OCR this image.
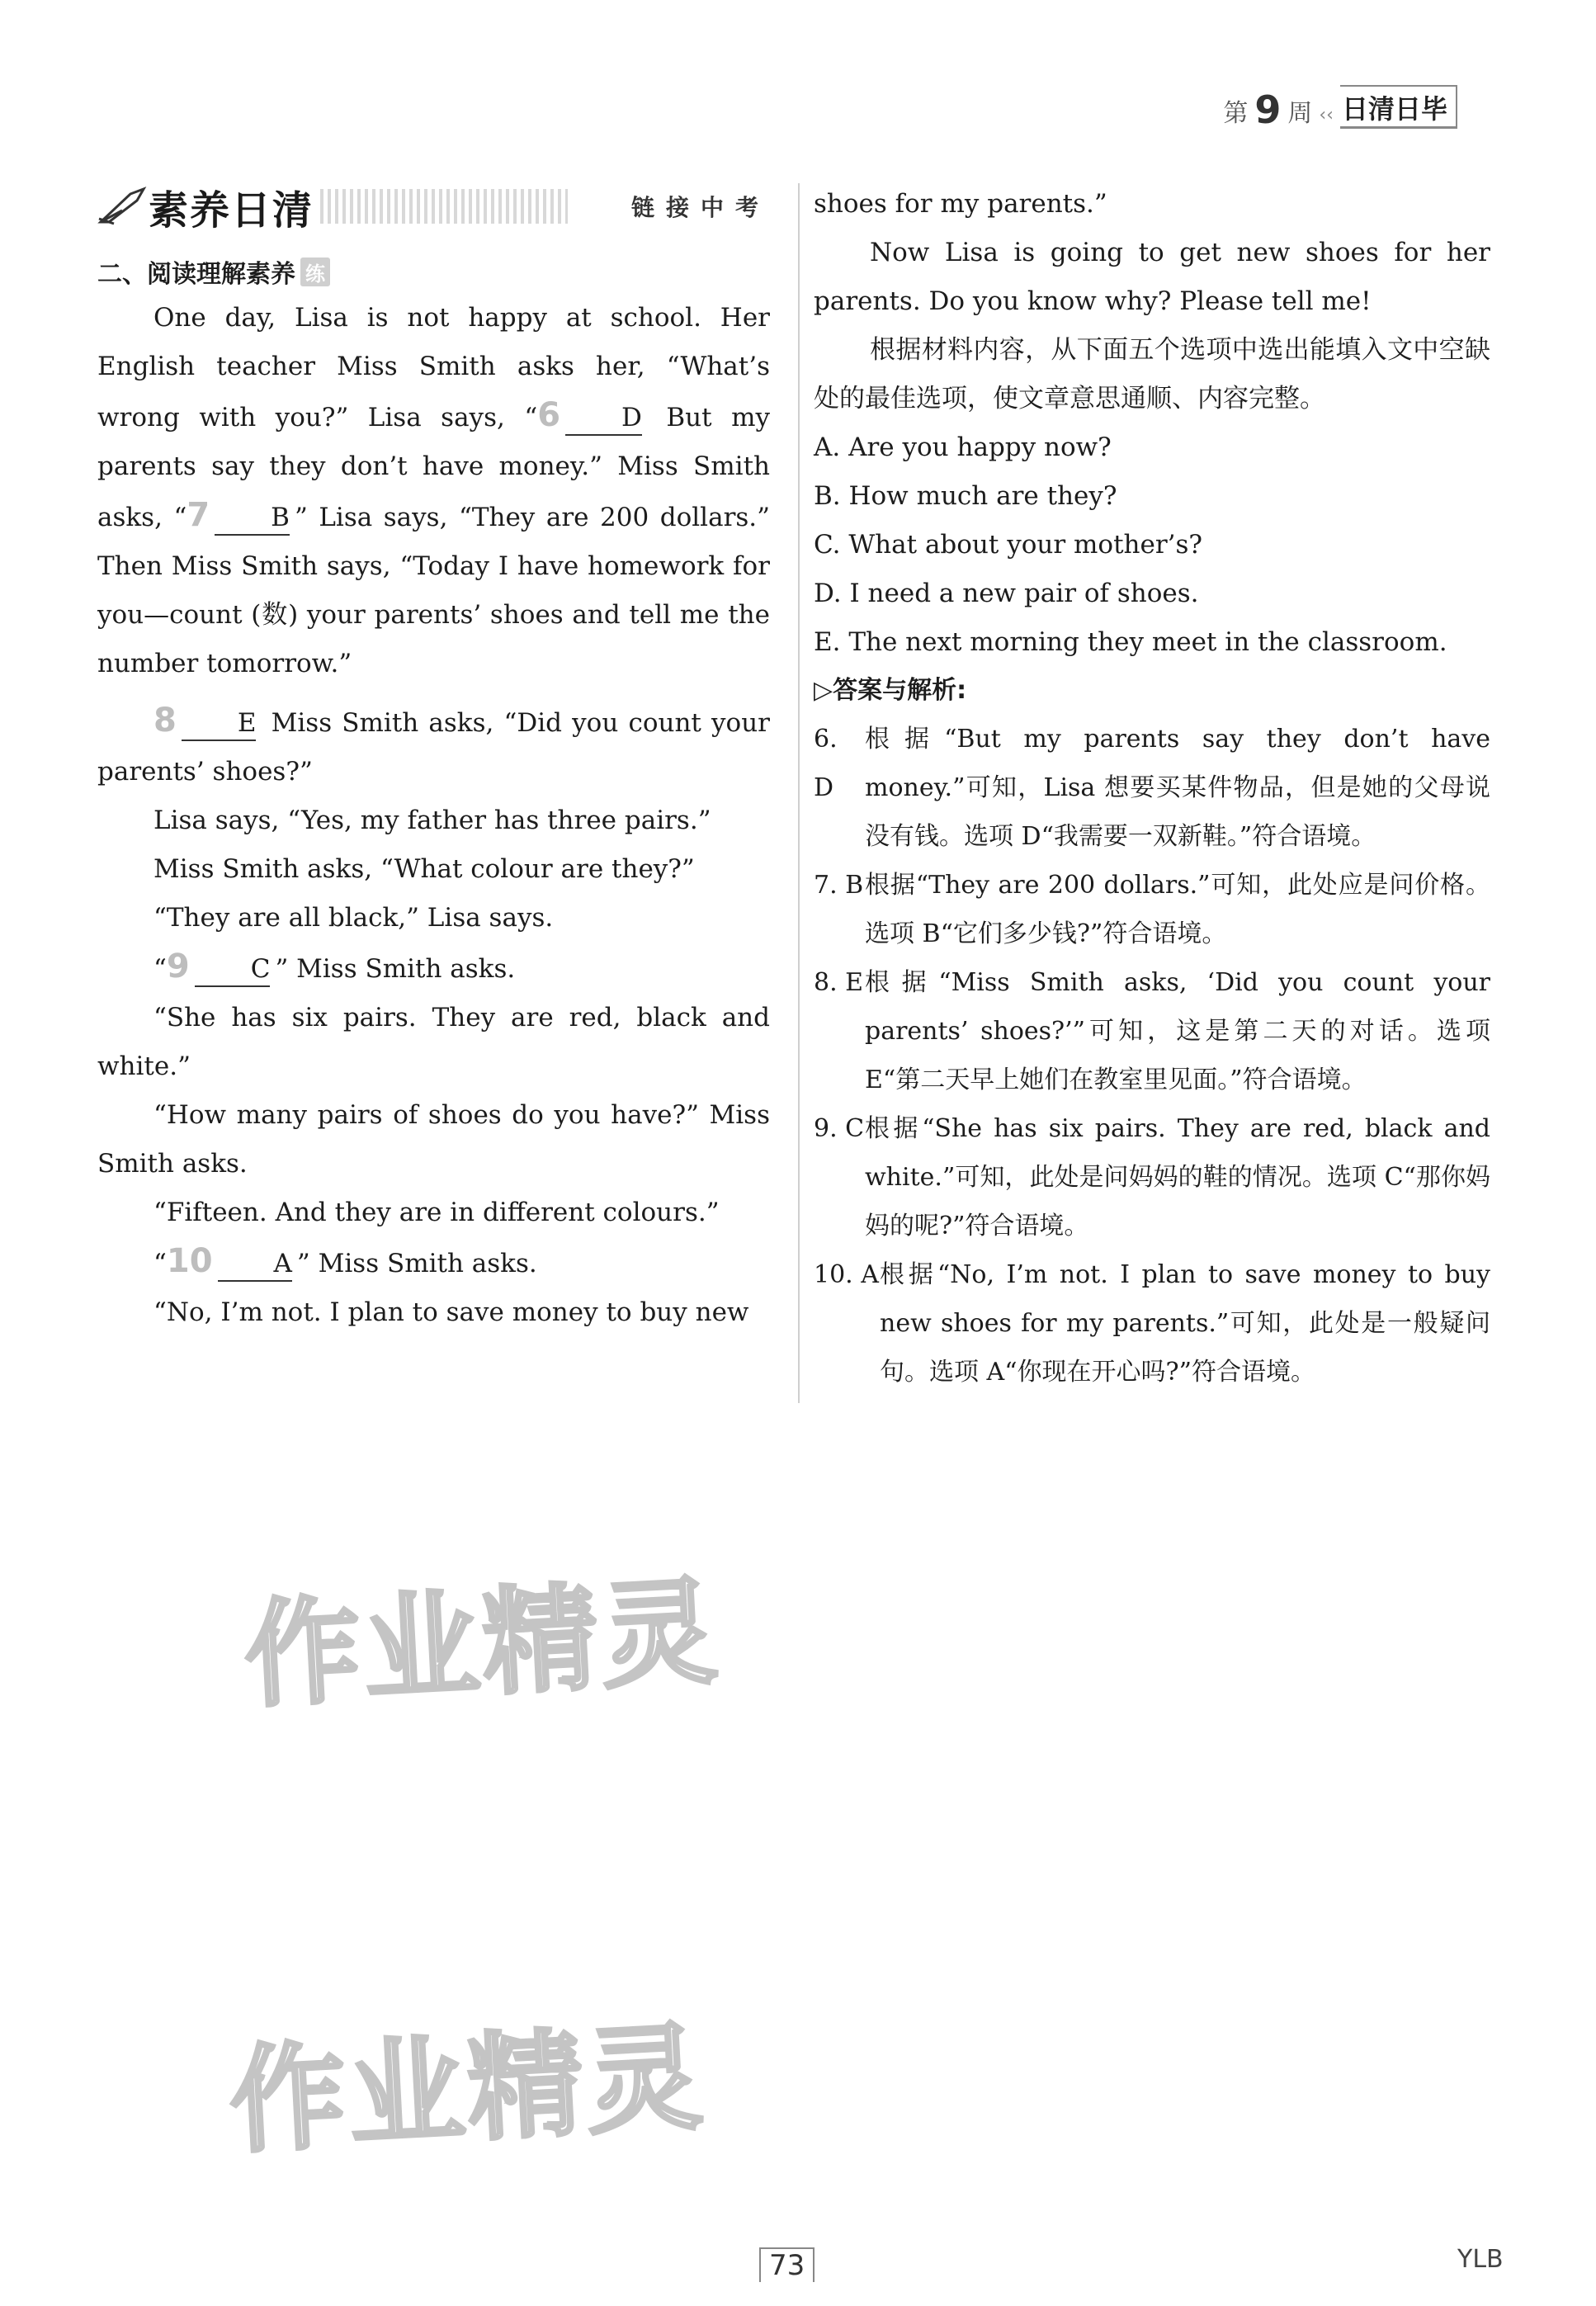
第 9 周 ‹‹ 日清日毕
素养日清	链接中考
二、阅读理解素养 练

One day, Lisa is not happy at school. Her English teacher Miss Smith asks her, “What’s wrong with you?” Lisa says, “6 D But my parents say they don’t have money.” Miss Smith asks, “7 B ” Lisa says, “They are 200 dollars.” Then Miss Smith says, “Today I have homework for you—count (数) your parents’ shoes and tell me the number tomorrow.”

8 E Miss Smith asks, “Did you count your parents’ shoes?”

Lisa says, “Yes, my father has three pairs.”

Miss Smith asks, “What colour are they?”

“They are all black,” Lisa says.

“9 C ” Miss Smith asks.

“She has six pairs. They are red, black and white.”

“How many pairs of shoes do you have?” Miss Smith asks.

“Fifteen. And they are in different colours.”

“10 A ” Miss Smith asks.

“No, I’m not. I plan to save money to buy new

shoes for my parents.”

Now Lisa is going to get new shoes for her parents. Do you know why? Please tell me!

根据材料内容，从下面五个选项中选出能填入文中空缺处的最佳选项，使文章意思通顺、内容完整。

A. Are you happy now?

B. How much are they?

C. What about your mother’s?

D. I need a new pair of shoes.

E. The next morning they meet in the classroom.

▷答案与解析:
6. D
根据“But my parents say they don’t have money.”可知，Lisa 想要买某件物品，但是她的父母说没有钱。选项 D“我需要一双新鞋。”符合语境。
7. B 根据“They are 200 dollars.”可知，此处应是问价格。选项 B“它们多少钱?”符合语境。
8. E 根据“Miss Smith asks, ‘Did you count your parents’ shoes?’”可知，这是第二天的对话。选项 E“第二天早上她们在教室里见面。”符合语境。
9. C 根据“She has six pairs. They are red, black and white.”可知，此处是问妈妈的鞋的情况。选项 C“那你妈妈的呢?”符合语境。
10. A 根据“No, I’m not. I plan to save money to buy new shoes for my parents.”可知，此处是一般疑问句。选项 A“你现在开心吗?”符合语境。
作业精灵
作业精灵
73	YLB
